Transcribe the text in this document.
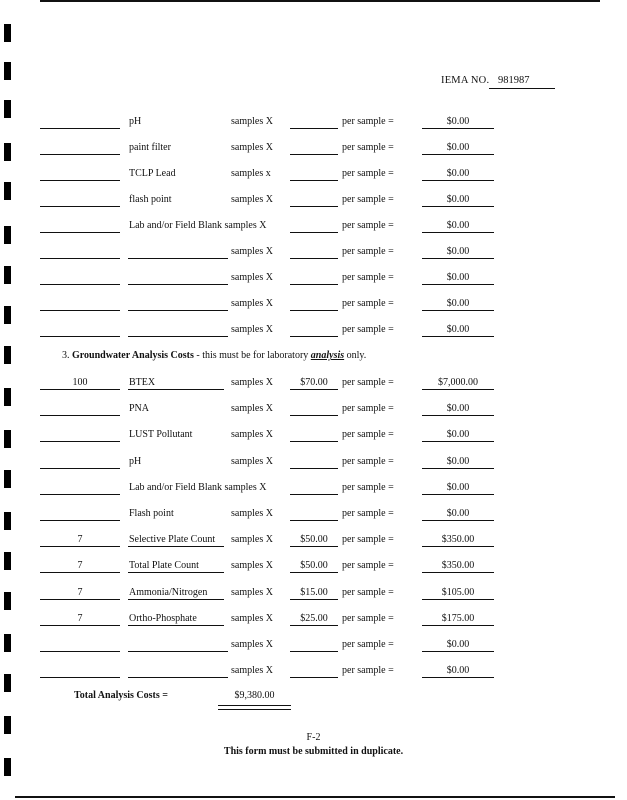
IEMA NO. 981987
pH	samples X	per sample =	$0.00
paint filter	samples X	per sample =	$0.00
TCLP Lead	samples x	per sample =	$0.00
flash point	samples X	per sample =	$0.00
Lab and/or Field Blank samples X	per sample =	$0.00
samples X	per sample =	$0.00
samples X	per sample =	$0.00
samples X	per sample =	$0.00
samples X	per sample =	$0.00
3. Groundwater Analysis Costs - this must be for laboratory analysis only.
100	BTEX	samples X	$70.00	per sample =	$7,000.00
PNA	samples X	per sample =	$0.00
LUST Pollutant	samples X	per sample =	$0.00
pH	samples X	per sample =	$0.00
Lab and/or Field Blank samples X	per sample =	$0.00
Flash point	samples X	per sample =	$0.00
7	Selective Plate Count samples X	$50.00	per sample =	$350.00
7	Total Plate Count	samples X	$50.00	per sample =	$350.00
7	Ammonia/Nitrogen samples X	$15.00	per sample =	$105.00
7	Ortho-Phosphate	samples X	$25.00	per sample =	$175.00
samples X	per sample =	$0.00
samples X	per sample =	$0.00
Total Analysis Costs =	$9,380.00
F-2
This form must be submitted in duplicate.
